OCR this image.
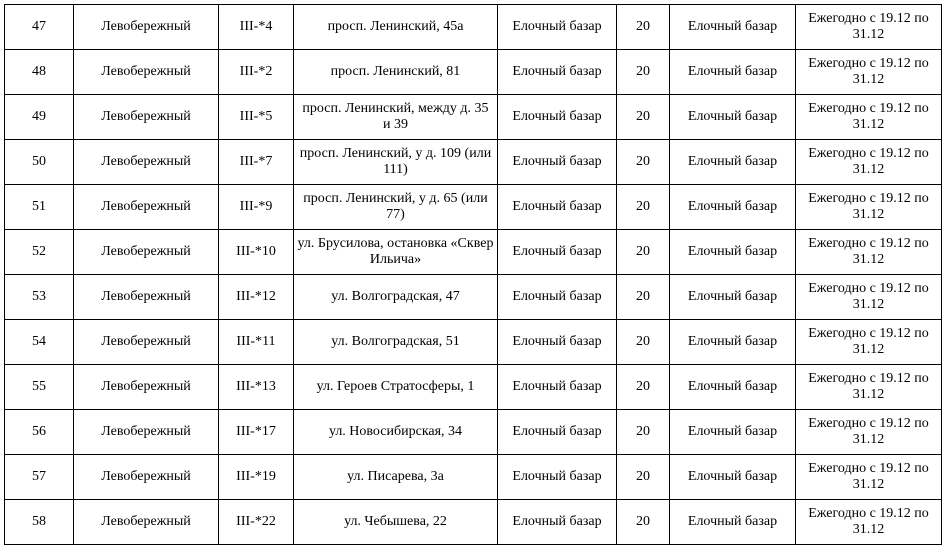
47	Левобережный	III-*4	просп. Ленинский, 45а	Елочный базар	20	Елочный базар	Ежегодно с 19.12 по 31.12
48	Левобережный	III-*2	просп. Ленинский, 81	Елочный базар	20	Елочный базар	Ежегодно с 19.12 по 31.12
49	Левобережный	III-*5	просп. Ленинский, между д. 35 и 39	Елочный базар	20	Елочный базар	Ежегодно с 19.12 по 31.12
50	Левобережный	III-*7	просп. Ленинский, у д. 109 (или 111)	Елочный базар	20	Елочный базар	Ежегодно с 19.12 по 31.12
51	Левобережный	III-*9	просп. Ленинский, у д. 65 (или 77)	Елочный базар	20	Елочный базар	Ежегодно с 19.12 по 31.12
52	Левобережный	III-*10	ул. Брусилова, остановка «Сквер Ильича»	Елочный базар	20	Елочный базар	Ежегодно с 19.12 по 31.12
53	Левобережный	III-*12	ул. Волгоградская, 47	Елочный базар	20	Елочный базар	Ежегодно с 19.12 по 31.12
54	Левобережный	III-*11	ул. Волгоградская, 51	Елочный базар	20	Елочный базар	Ежегодно с 19.12 по 31.12
55	Левобережный	III-*13	ул. Героев Стратосферы, 1	Елочный базар	20	Елочный базар	Ежегодно с 19.12 по 31.12
56	Левобережный	III-*17	ул. Новосибирская, 34	Елочный базар	20	Елочный базар	Ежегодно с 19.12 по 31.12
57	Левобережный	III-*19	ул. Писарева, 3а	Елочный базар	20	Елочный базар	Ежегодно с 19.12 по 31.12
58	Левобережный	III-*22	ул. Чебышева, 22	Елочный базар	20	Елочный базар	Ежегодно с 19.12 по 31.12
